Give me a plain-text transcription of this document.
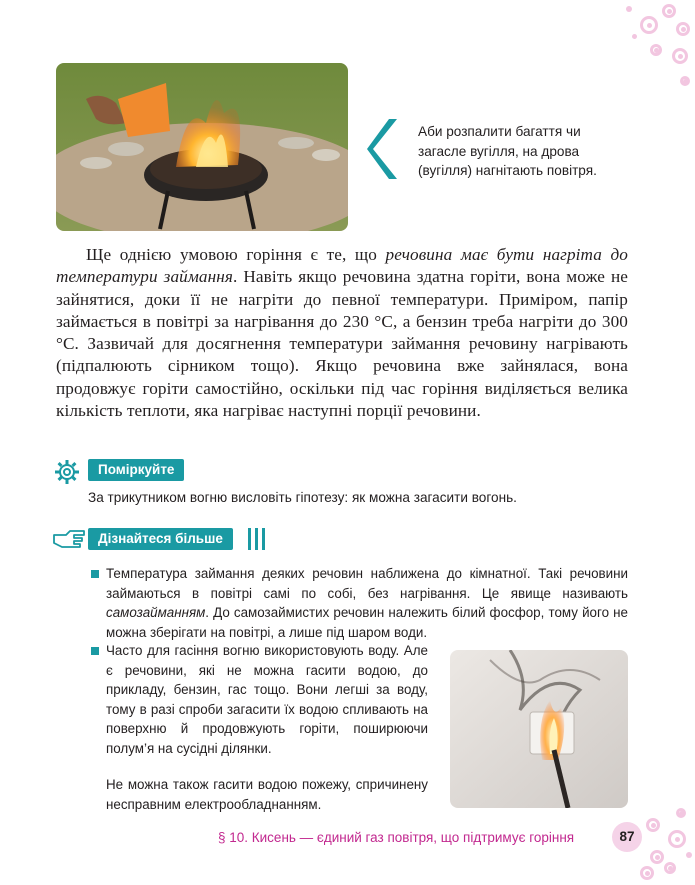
Аби розпалити багаття чи загасле вугілля, на дрова (вугілля) нагнітають повітря.
Ще однією умовою горіння є те, що речовина має бути нагріта до температури займання. Навіть якщо речовина здатна горіти, вона може не зайнятися, доки її не нагріти до певної температури. Приміром, папір займається в повітрі за нагрівання до 230 °С, а бензин треба нагріти до 300 °С. Зазвичай для досягнення температури займання речовину нагрівають (підпалюють сірником тощо). Якщо речовина вже зайнялася, вона продовжує горіти самостійно, оскільки під час горіння виділяється велика кількість теплоти, яка нагріває наступні порції речовини.
Поміркуйте
За трикутником вогню висловіть гіпотезу: як можна загасити вогонь.
Дізнайтеся більше
Температура займання деяких речовин наближена до кімнатної. Такі речовини займаються в повітрі самі по собі, без нагрівання. Це явище називають самозайманням. До самозаймистих речовин належить білий фосфор, тому його не можна зберігати на повітрі, а лише під шаром води.
Часто для гасіння вогню використовують воду. Але є речовини, які не можна гасити водою, до прикладу, бензин, гас тощо. Вони легші за воду, тому в разі спроби загасити їх водою спливають на поверхню й продовжують горіти, поширюючи полум’я на сусідні ділянки.
Не можна також гасити водою пожежу, спричинену несправним електрообладнанням.
§ 10. Кисень — єдиний газ повітря, що підтримує горіння	87
